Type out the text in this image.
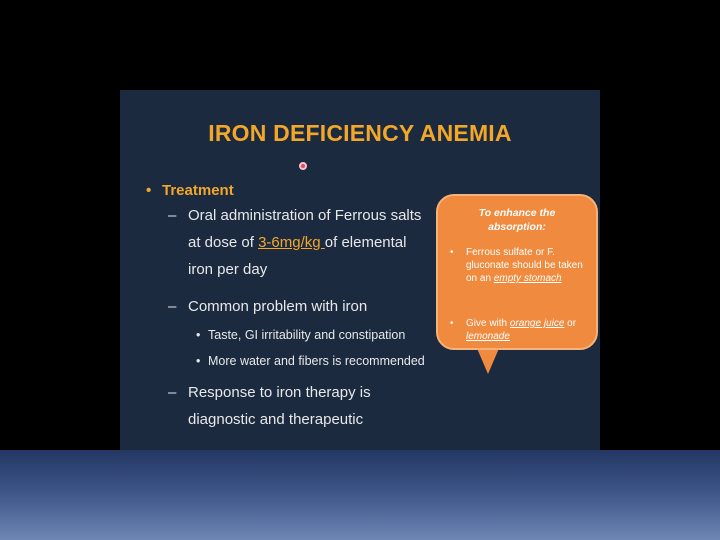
IRON DEFICIENCY ANEMIA
• Treatment
– Oral administration of Ferrous salts
at dose of 3-6mg/kg of elemental
iron per day
– Common problem with iron
• Taste, GI irritability and constipation
• More water and fibers is recommended
– Response to iron therapy is
diagnostic and therapeutic
To enhance the
absorption:
• Ferrous sulfate or F. gluconate should be taken on an empty stomach
• Give with orange juice or lemonade
